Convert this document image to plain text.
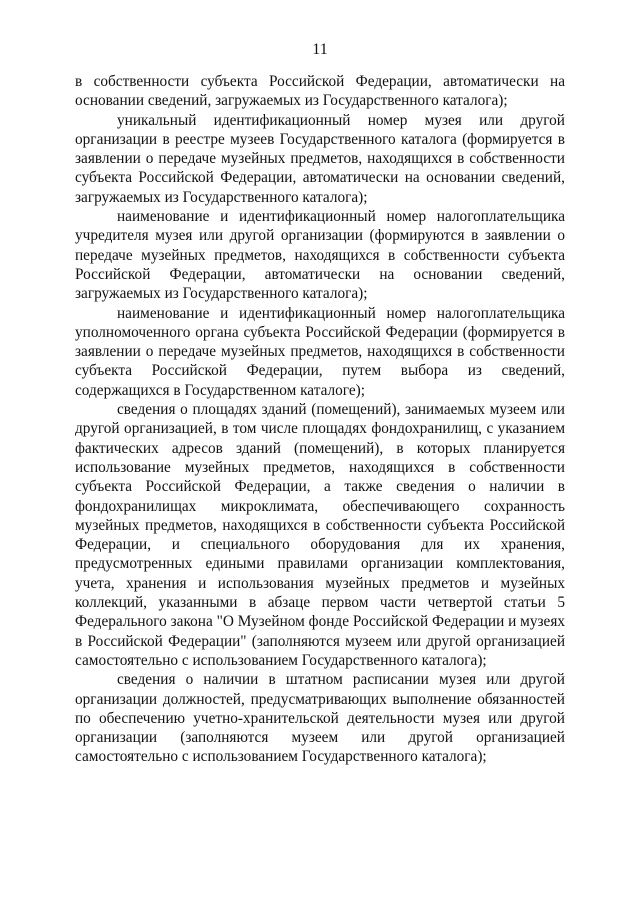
11

в собственности субъекта Российской Федерации, автоматически на основании сведений, загружаемых из Государственного каталога);

уникальный идентификационный номер музея или другой организации в реестре музеев Государственного каталога (формируется в заявлении о передаче музейных предметов, находящихся в собственности субъекта Российской Федерации, автоматически на основании сведений, загружаемых из Государственного каталога);

наименование и идентификационный номер налогоплательщика учредителя музея или другой организации (формируются в заявлении о передаче музейных предметов, находящихся в собственности субъекта Российской Федерации, автоматически на основании сведений, загружаемых из Государственного каталога);

наименование и идентификационный номер налогоплательщика уполномоченного органа субъекта Российской Федерации (формируется в заявлении о передаче музейных предметов, находящихся в собственности субъекта Российской Федерации, путем выбора из сведений, содержащихся в Государственном каталоге);

сведения о площадях зданий (помещений), занимаемых музеем или другой организацией, в том числе площадях фондохранилищ, с указанием фактических адресов зданий (помещений), в которых планируется использование музейных предметов, находящихся в собственности субъекта Российской Федерации, а также сведения о наличии в фондохранилищах микроклимата, обеспечивающего сохранность музейных предметов, находящихся в собственности субъекта Российской Федерации, и специального оборудования для их хранения, предусмотренных едиными правилами организации комплектования, учета, хранения и использования музейных предметов и музейных коллекций, указанными в абзаце первом части четвертой статьи 5 Федерального закона "О Музейном фонде Российской Федерации и музеях в Российской Федерации" (заполняются музеем или другой организацией самостоятельно с использованием Государственного каталога);

сведения о наличии в штатном расписании музея или другой организации должностей, предусматривающих выполнение обязанностей по обеспечению учетно-хранительской деятельности музея или другой организации (заполняются музеем или другой организацией самостоятельно с использованием Государственного каталога);
